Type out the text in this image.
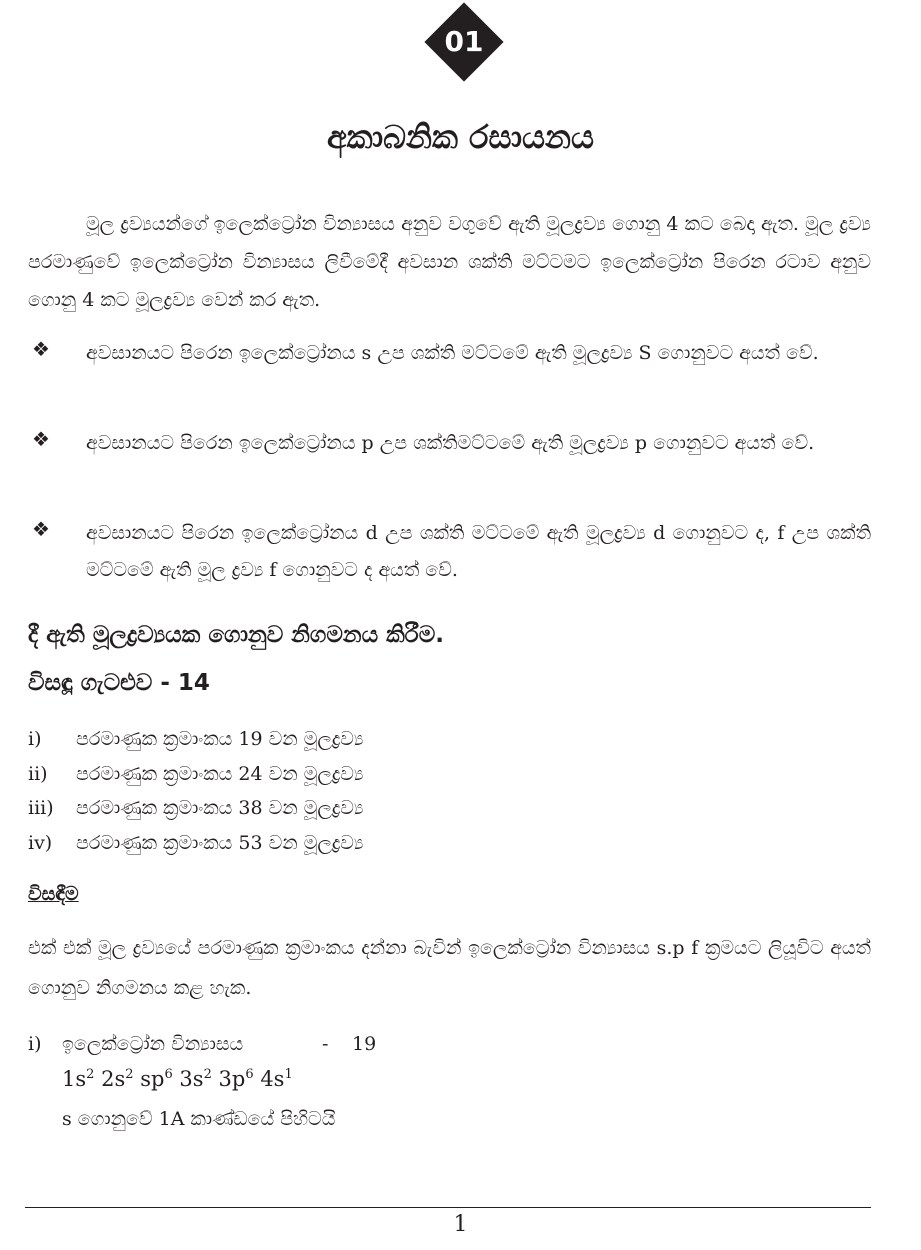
01
අකාබනික රසායනය
මූල ද්‍රව්‍යයන්ගේ ඉලෙක්ට්‍රෝන වින්‍යාසය අනුව වගුවේ ඇති මූලද්‍රව්‍ය ගොනු 4 කට බෙදා ඇත. මූල ද්‍රව්‍ය පරමාණුවේ ඉලෙක්ට්‍රෝන වින්‍යාසය ලිවීමේදී අවසාන ශක්ති මට්ටමට ඉලෙක්ට්‍රෝන පිරෙන රටාව අනුව ගොනු 4 කට මූලද්‍රව්‍ය වෙන් කර ඇත.
❖ අවසානයට පිරෙන ඉලෙක්ට්‍රෝනය s උප ශක්ති මට්ටමේ ඇති මූලද්‍රව්‍ය S ගොනුවට අයත් වේ.
❖ අවසානයට පිරෙන ඉලෙක්ට්‍රෝනය p උප ශක්තිමට්ටමේ ඇති මූලද්‍රව්‍ය p ගොනුවට අයත් වේ.
❖ අවසානයට පිරෙන ඉලෙක්ට්‍රෝනය d උප ශක්ති මට්ටමේ ඇති මූලද්‍රව්‍ය d ගොනුවට ද, f උප ශක්ති මට්ටමේ ඇති මූල ද්‍රව්‍ය f ගොනුවට ද අයත් වේ.
දී ඇති මූලද්‍රව්‍යයක ගොනුව නිගමනය කිරීම.
විසඳූ ගැටළුව - 14
i) පරමාණුක ක්‍රමාංකය 19 වන මූලද්‍රව්‍ය
ii) පරමාණුක ක්‍රමාංකය 24 වන මූලද්‍රව්‍ය
iii) පරමාණුක ක්‍රමාංකය 38 වන මූලද්‍රව්‍ය
iv) පරමාණුක ක්‍රමාංකය 53 වන මූලද්‍රව්‍ය
විසඳීම
එක් එක් මූල ද්‍රව්‍යයේ පරමාණුක ක්‍රමාංකය දන්නා බැවින් ඉලෙක්ට්‍රෝන වින්‍යාසය s.p f ක්‍රමයට ලියූවිට අයත් ගොනුව නිගමනය කළ හැක.
i) ඉලෙක්ට්‍රෝන වින්‍යාසය	- 19
$1s^2$ $2s^2$ $sp^6$ $3s^2$ $3p^6$ $4s^1$
s ගොනුවේ 1A කාණ්ඩයේ පිහිටයි
1
